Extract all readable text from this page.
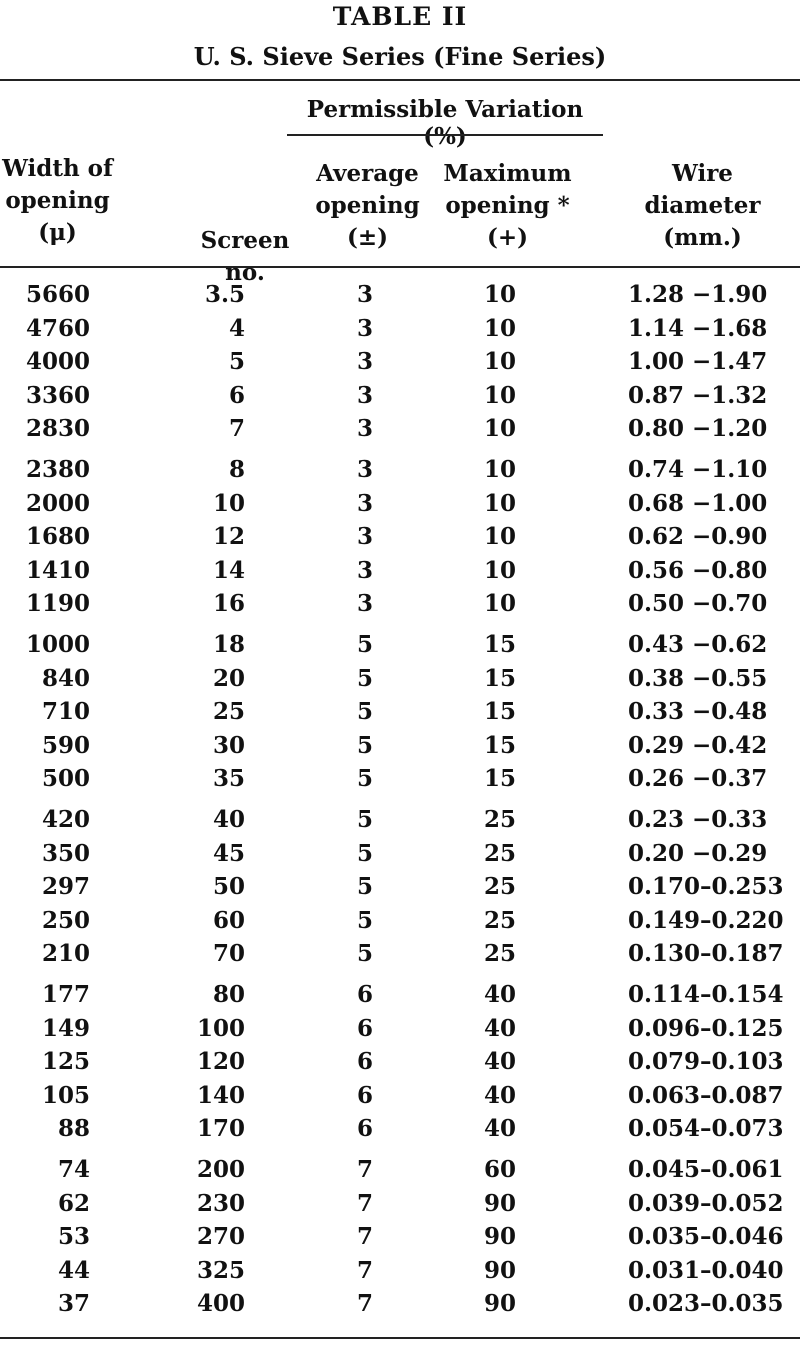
TABLE II
U. S. Sieve Series (Fine Series)
Permissible Variation (%)
Width of
opening
(μ)	Screen no.
Average
opening
(±)
Maximum
opening *
(+)
Wire
diameter
(mm.)
5660	3.5	3	10	1.28 −1.90
4760	4	3	10	1.14 −1.68
4000	5	3	10	1.00 −1.47
3360	6	3	10	0.87 −1.32
2830	7	3	10	0.80 −1.20
2380	8	3	10	0.74 −1.10
2000	10	3	10	0.68 −1.00
1680	12	3	10	0.62 −0.90
1410	14	3	10	0.56 −0.80
1190	16	3	10	0.50 −0.70
1000	18	5	15	0.43 −0.62
840	20	5	15	0.38 −0.55
710	25	5	15	0.33 −0.48
590	30	5	15	0.29 −0.42
500	35	5	15	0.26 −0.37
420	40	5	25	0.23 −0.33
350	45	5	25	0.20 −0.29
297	50	5	25	0.170–0.253
250	60	5	25	0.149–0.220
210	70	5	25	0.130–0.187
177	80	6	40	0.114–0.154
149	100	6	40	0.096–0.125
125	120	6	40	0.079–0.103
105	140	6	40	0.063–0.087
88	170	6	40	0.054–0.073
74	200	7	60	0.045–0.061
62	230	7	90	0.039–0.052
53	270	7	90	0.035–0.046
44	325	7	90	0.031–0.040
37	400	7	90	0.023–0.035
